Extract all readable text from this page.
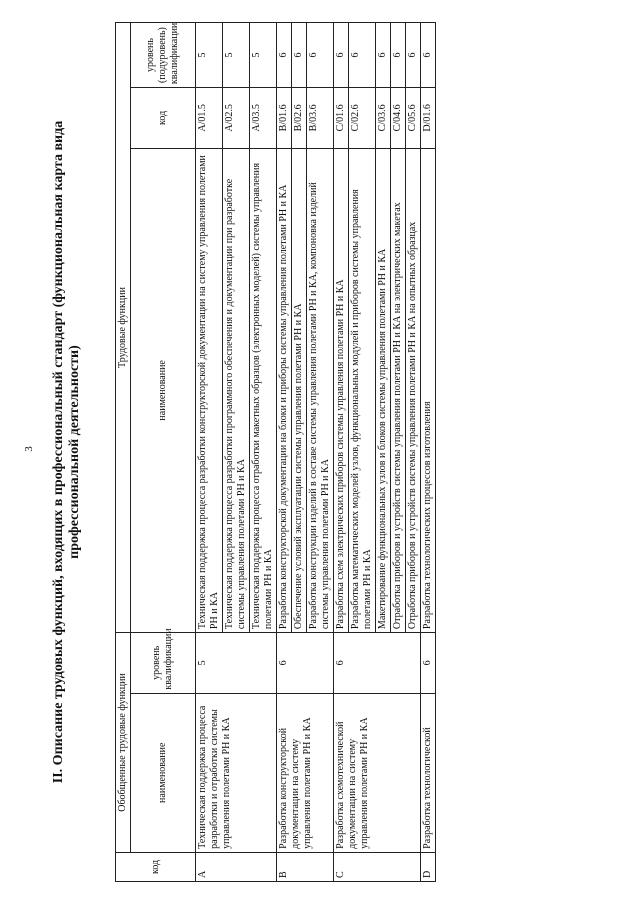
3 II. Описание трудовых функций, входящих в профессиональный стандарт (функциональная карта вида профессиональной деятельности)
код	Обобщенные трудовые функции		Трудовые функции		
	наименование	уровень квалификации	наименование	код	уровень (подуровень) квалификации
A	Техническая поддержка процесса разработки и отработки системы управления полетами РН и КА	5	Техническая поддержка процесса разработки конструкторской документации на систему управления полетами РН и КА	A/01.5	5
			Техническая поддержка процесса разработки программного обеспечения и документации при разработке системы управления полетами РН и КА	A/02.5	5
			Техническая поддержка процесса отработки макетных образцов (электронных моделей) системы управления полетами РН и КА	A/03.5	5
B	Разработка конструкторской документации на систему управления полетами РН и КА	6	Разработка конструкторской документации на блоки и приборы системы управления полетами РН и КА	B/01.6	6
			Обеспечение условий эксплуатации системы управления полетами РН и КА	B/02.6	6
			Разработка конструкции изделий в составе системы управления полетами РН и КА, компоновка изделий системы управления полетами РН и КА	B/03.6	6
C	Разработка схемотехнической документации на систему управления полетами РН и КА	6	Разработка схем электрических приборов системы управления полетами РН и КА	C/01.6	6
			Разработка математических моделей узлов, функциональных модулей и приборов системы управления полетами РН и КА	C/02.6	6
			Макетирование функциональных узлов и блоков системы управления полетами РН и КА	C/03.6	6
			Отработка приборов и устройств системы управления полетами РН и КА на электрических макетах	C/04.6	6
			Отработка приборов и устройств системы управления полетами РН и КА на опытных образцах	C/05.6	6
D	Разработка технологической	6	Разработка технологических процессов изготовления	D/01.6	6
